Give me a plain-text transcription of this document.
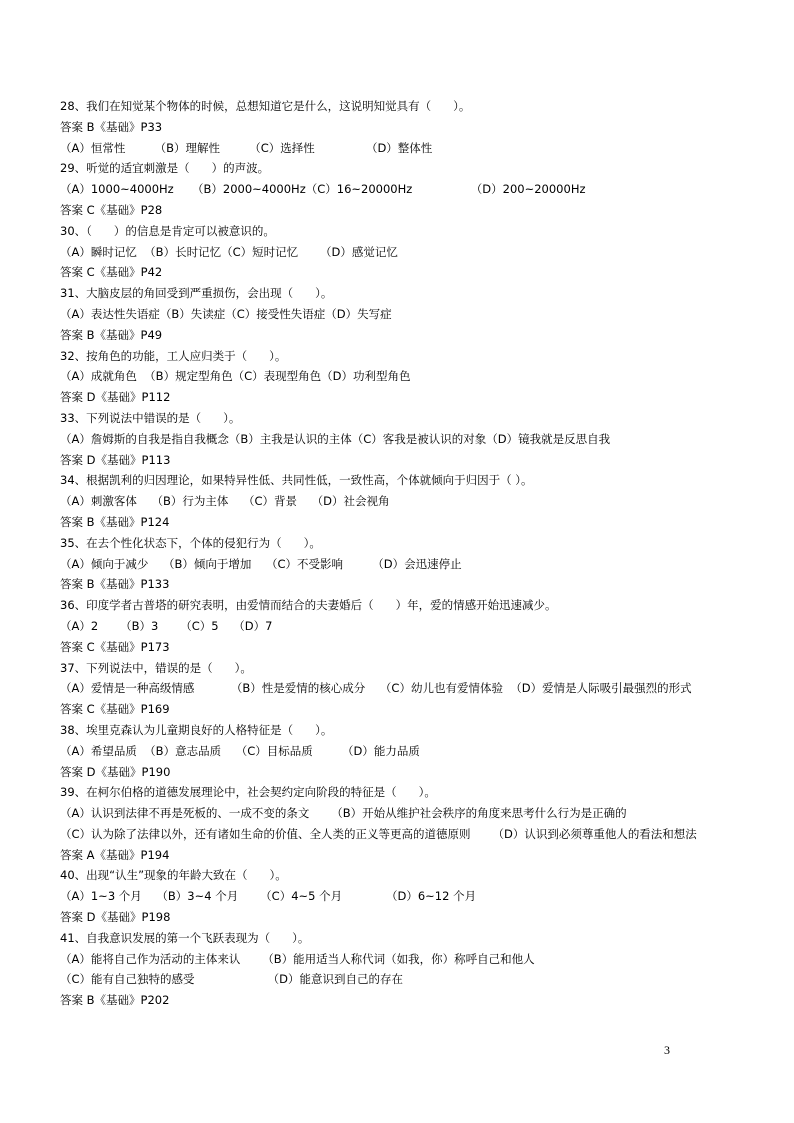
28、我们在知觉某个物体的时候，总想知道它是什么，这说明知觉具有（      ）。
答案 B《基础》P33
（A）恒常性        （B）理解性        （C）选择性              （D）整体性
29、听觉的适宜刺激是（      ）的声波。
（A）1000~4000Hz     （B）2000~4000Hz（C）16~20000Hz                （D）200~20000Hz
答案 C《基础》P28
30、（      ）的信息是肯定可以被意识的。
（A）瞬时记忆  （B）长时记忆（C）短时记忆      （D）感觉记忆
答案 C《基础》P42
31、大脑皮层的角回受到严重损伤，会出现（      ）。
（A）表达性失语症（B）失读症（C）接受性失语症（D）失写症
答案 B《基础》P49
32、按角色的功能，工人应归类于（      ）。
（A）成就角色  （B）规定型角色（C）表现型角色（D）功利型角色
答案 D《基础》P112
33、下列说法中错误的是（      ）。
（A）詹姆斯的自我是指自我概念（B）主我是认识的主体（C）客我是被认识的对象（D）镜我就是反思自我
答案 D《基础》P113
34、根据凯利的归因理论，如果特异性低、共同性低，一致性高，个体就倾向于归因于（ ）。
（A）刺激客体    （B）行为主体    （C）背景    （D）社会视角
答案 B《基础》P124
35、在去个性化状态下，个体的侵犯行为（      ）。
（A）倾向于减少    （B）倾向于增加    （C）不受影响        （D）会迅速停止
答案 B《基础》P133
36、印度学者古普塔的研究表明，由爱情而结合的夫妻婚后（      ）年，爱的情感开始迅速减少。
（A）2      （B）3      （C）5    （D）7
答案 C《基础》P173
37、下列说法中，错误的是（      ）。
（A）爱情是一种高级情感          （B）性是爱情的核心成分    （C）幼儿也有爱情体验  （D）爱情是人际吸引最强烈的形式
答案 C《基础》P169
38、埃里克森认为儿童期良好的人格特征是（      ）。
（A）希望品质  （B）意志品质    （C）目标品质        （D）能力品质
答案 D《基础》P190
39、在柯尔伯格的道德发展理论中，社会契约定向阶段的特征是（      ）。
（A）认识到法律不再是死板的、一成不变的条文      （B）开始从维护社会秩序的角度来思考什么行为是正确的
（C）认为除了法律以外，还有诸如生命的价值、全人类的正义等更高的道德原则      （D）认识到必须尊重他人的看法和想法
答案 A《基础》P194
40、出现“认生”现象的年龄大致在（      ）。
（A）1~3 个月    （B）3~4 个月      （C）4~5 个月            （D）6~12 个月
答案 D《基础》P198
41、自我意识发展的第一个飞跃表现为（      ）。
（A）能将自己作为活动的主体来认      （B）能用适当人称代词（如我，你）称呼自己和他人
（C）能有自己独特的感受                    （D）能意识到自己的存在
答案 B《基础》P202
3
